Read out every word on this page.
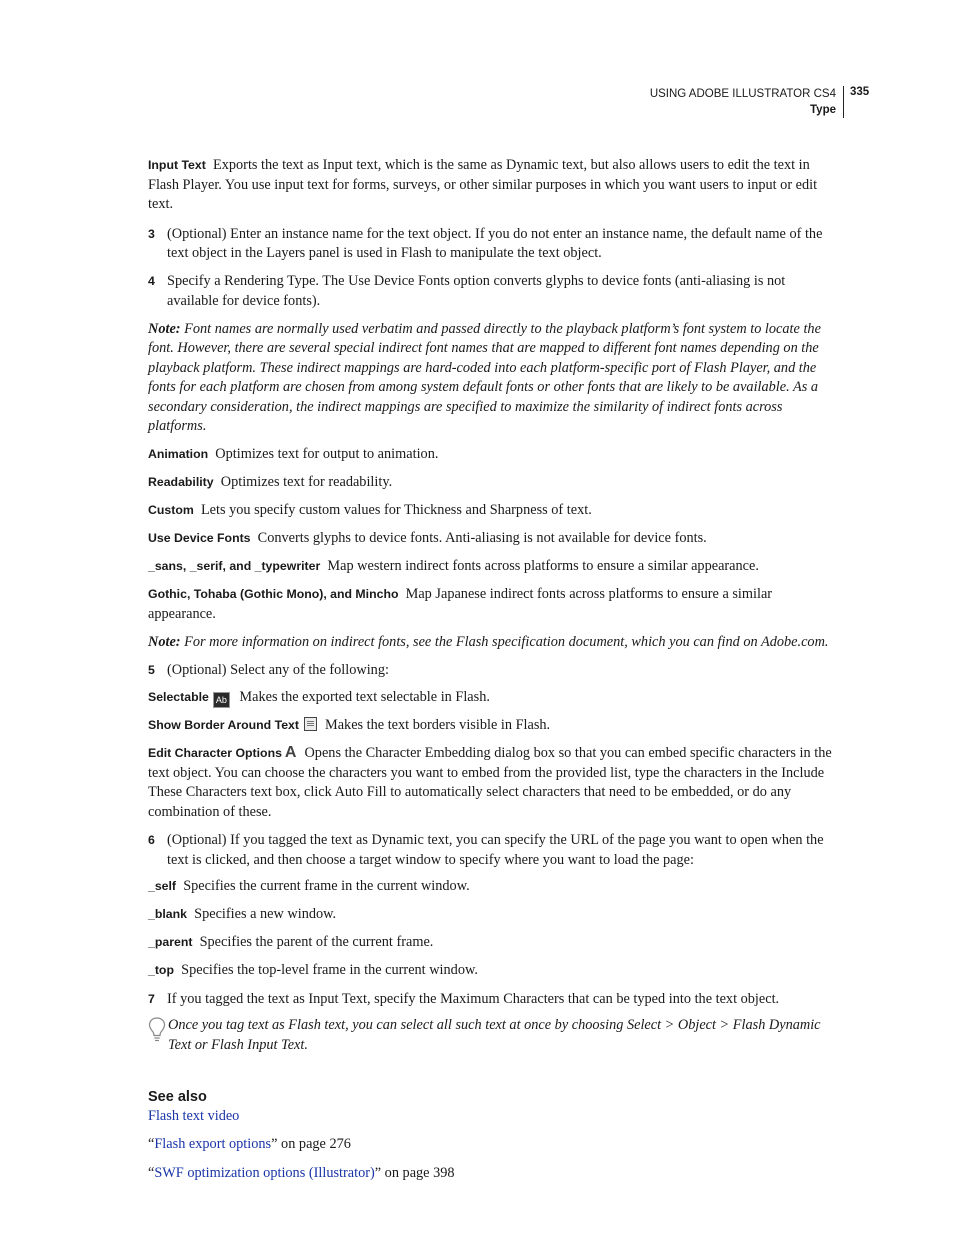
USING ADOBE ILLUSTRATOR CS4
Type
335

Input Text Exports the text as Input text, which is the same as Dynamic text, but also allows users to edit the text in Flash Player. You use input text for forms, surveys, or other similar purposes in which you want users to input or edit text.

3 (Optional) Enter an instance name for the text object. If you do not enter an instance name, the default name of the text object in the Layers panel is used in Flash to manipulate the text object.

4 Specify a Rendering Type. The Use Device Fonts option converts glyphs to device fonts (anti-aliasing is not available for device fonts).

Note: Font names are normally used verbatim and passed directly to the playback platform’s font system to locate the font. However, there are several special indirect font names that are mapped to different font names depending on the playback platform. These indirect mappings are hard-coded into each platform-specific port of Flash Player, and the fonts for each platform are chosen from among system default fonts or other fonts that are likely to be available. As a secondary consideration, the indirect mappings are specified to maximize the similarity of indirect fonts across platforms.

Animation Optimizes text for output to animation.

Readability Optimizes text for readability.

Custom Lets you specify custom values for Thickness and Sharpness of text.

Use Device Fonts Converts glyphs to device fonts. Anti-aliasing is not available for device fonts.

_sans, _serif, and _typewriter Map western indirect fonts across platforms to ensure a similar appearance.

Gothic, Tohaba (Gothic Mono), and Mincho Map Japanese indirect fonts across platforms to ensure a similar appearance.

Note: For more information on indirect fonts, see the Flash specification document, which you can find on Adobe.com.

5 (Optional) Select any of the following:

Selectable Ab Makes the exported text selectable in Flash.

Show Border Around Text Makes the text borders visible in Flash.

Edit Character Options A Opens the Character Embedding dialog box so that you can embed specific characters in the text object. You can choose the characters you want to embed from the provided list, type the characters in the Include These Characters text box, click Auto Fill to automatically select characters that need to be embedded, or do any combination of these.

6 (Optional) If you tagged the text as Dynamic text, you can specify the URL of the page you want to open when the text is clicked, and then choose a target window to specify where you want to load the page:

_self Specifies the current frame in the current window.

_blank Specifies a new window.

_parent Specifies the parent of the current frame.

_top Specifies the top-level frame in the current window.

7 If you tagged the text as Input Text, specify the Maximum Characters that can be typed into the text object.

Once you tag text as Flash text, you can select all such text at once by choosing Select > Object > Flash Dynamic Text or Flash Input Text.

See also

Flash text video

“Flash export options” on page 276

“SWF optimization options (Illustrator)” on page 398
